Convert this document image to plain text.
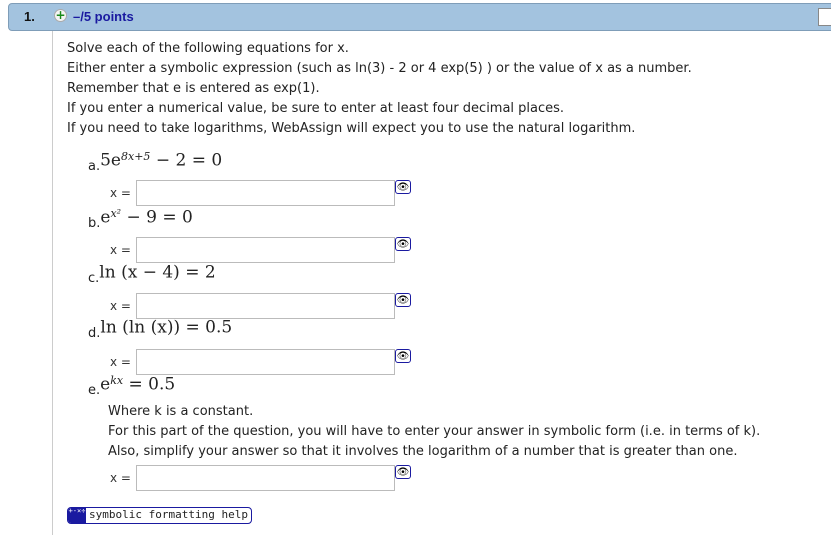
1. + –/5 points
Solve each of the following equations for x.
Either enter a symbolic expression (such as ln(3) - 2 or 4 exp(5) ) or the value of x as a number.
Remember that e is entered as exp(1).
If you enter a numerical value, be sure to enter at least four decimal places.
If you need to take logarithms, WebAssign will expect you to use the natural logarithm.
$a.5e^{8x+5} - 2 = 0$
x =	👁
$b.e^{x^2} - 9 = 0$
x =	👁
c.ln (x − 4) = 2
x =	👁
d.ln (ln (x)) = 0.5
x =	👁
$e.e^{kx} = 0.5$
x =	👁
Where k is a constant.
For this part of the question, you will have to enter your answer in symbolic form (i.e. in terms of k).
Also, simplify your answer so that it involves the logarithm of a number that is greater than one.
+-×÷ symbolic formatting help
